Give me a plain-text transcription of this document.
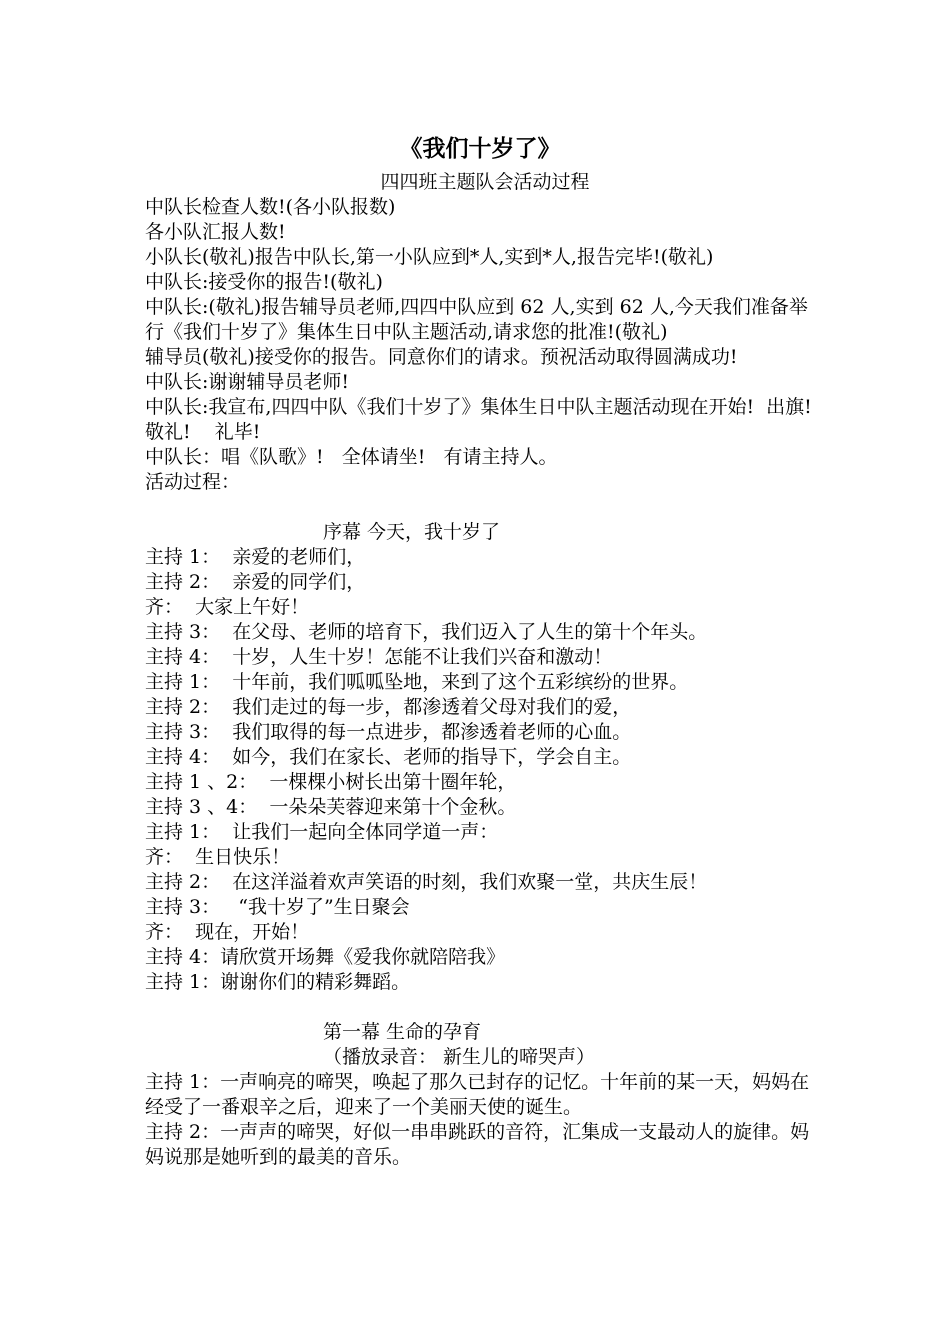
《我们十岁了》
四四班主题队会活动过程
中队长检查人数!(各小队报数)
各小队汇报人数!
小队长(敬礼)报告中队长,第一小队应到*人,实到*人,报告完毕!(敬礼)
中队长:接受你的报告!(敬礼)
中队长:(敬礼)报告辅导员老师,四四中队应到 62 人,实到 62 人,今天我们准备举行《我们十岁了》集体生日中队主题活动,请求您的批准!(敬礼)
辅导员(敬礼)接受你的报告。同意你们的请求。预祝活动取得圆满成功!
中队长:谢谢辅导员老师!
中队长:我宣布,四四中队《我们十岁了》集体生日中队主题活动现在开始!  出旗! 敬礼!    礼毕!
中队长：唱《队歌》!   全体请坐!   有请主持人。
活动过程：
序幕 今天，我十岁了
主持 1：  亲爱的老师们，
主持 2：  亲爱的同学们，
齐：  大家上午好！
主持 3：  在父母、老师的培育下，我们迈入了人生的第十个年头。
主持 4：  十岁，人生十岁！怎能不让我们兴奋和激动！
主持 1：  十年前，我们呱呱坠地，来到了这个五彩缤纷的世界。
主持 2：  我们走过的每一步，都渗透着父母对我们的爱，
主持 3：  我们取得的每一点进步，都渗透着老师的心血。
主持 4：  如今，我们在家长、老师的指导下，学会自主。
主持 1 、2：  一棵棵小树长出第十圈年轮，
主持 3 、4：  一朵朵芙蓉迎来第十个金秋。
主持 1：  让我们一起向全体同学道一声：
齐：  生日快乐！
主持 2：  在这洋溢着欢声笑语的时刻，我们欢聚一堂，共庆生辰！
主持 3：   “我十岁了”生日聚会
齐：  现在，开始！
主持 4：请欣赏开场舞《爱我你就陪陪我》
主持 1：谢谢你们的精彩舞蹈。
第一幕 生命的孕育
（播放录音： 新生儿的啼哭声）
主持 1：一声响亮的啼哭，唤起了那久已封存的记忆。十年前的某一天，妈妈在经受了一番艰辛之后，迎来了一个美丽天使的诞生。
主持 2：一声声的啼哭，好似一串串跳跃的音符，汇集成一支最动人的旋律。妈妈说那是她听到的最美的音乐。
